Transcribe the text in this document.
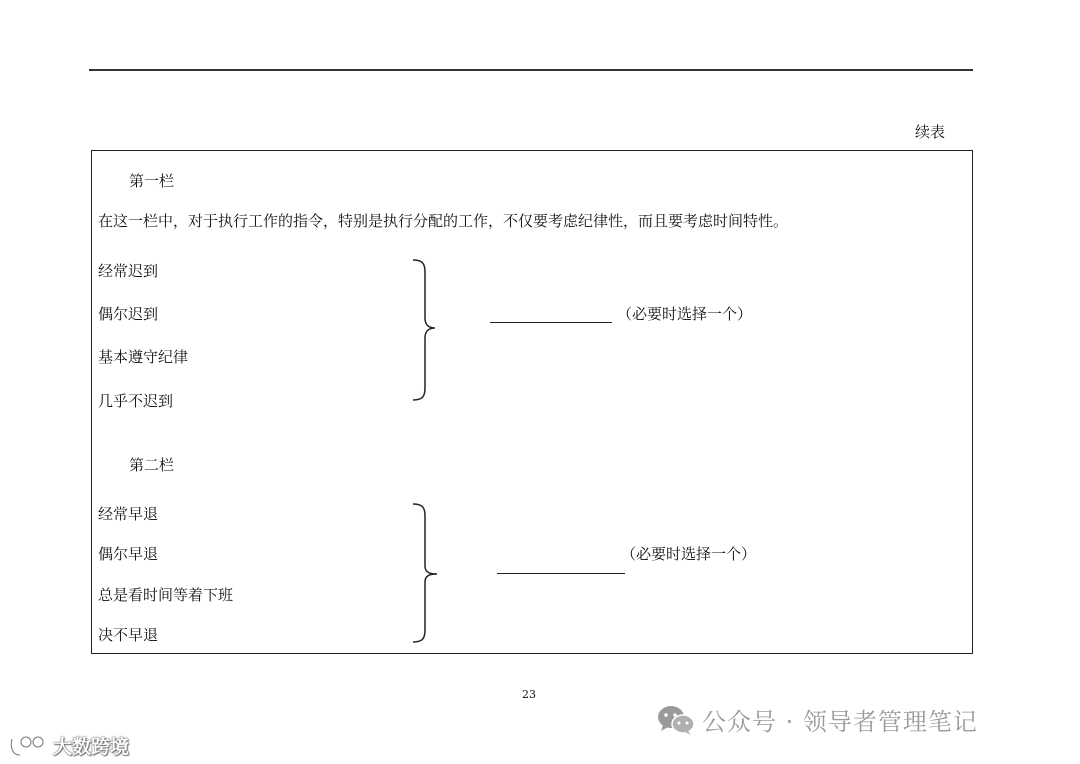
续表
第一栏
在这一栏中，对于执行工作的指令，特别是执行分配的工作，不仅要考虑纪律性，而且要考虑时间特性。
经常迟到
偶尔迟到
基本遵守纪律
几乎不迟到
（必要时选择一个）
第二栏
经常早退
偶尔早退
总是看时间等着下班
决不早退
（必要时选择一个）
23
公众号 · 领导者管理笔记
大数跨境
